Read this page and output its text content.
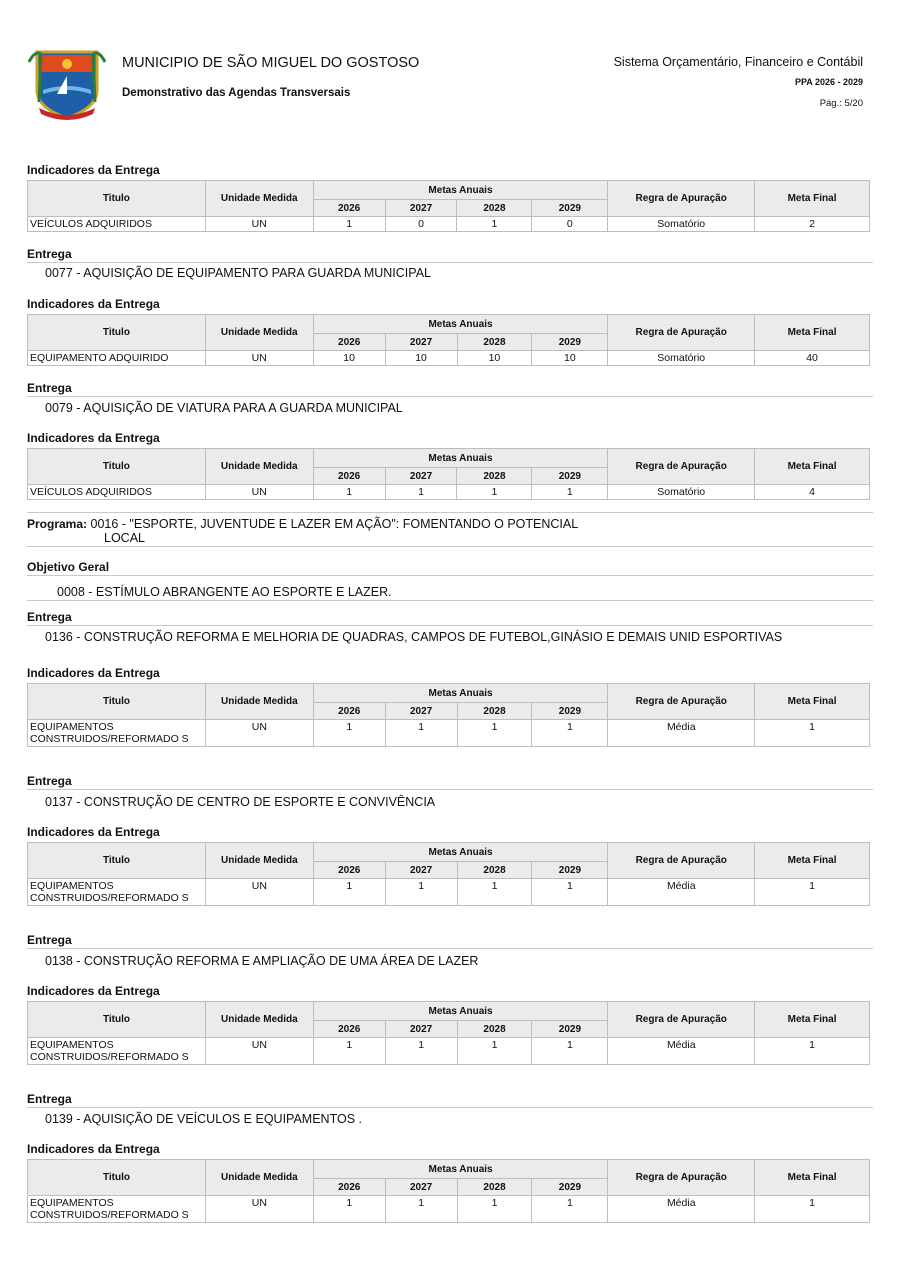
MUNICIPIO DE SÃO MIGUEL DO GOSTOSO
Demonstrativo das Agendas Transversais
Sistema Orçamentário, Financeiro e Contábil
PPA 2026 - 2029
Pág.: 5/20
Indicadores da Entrega
Titulo	Unidade Medida	Metas Anuais				Regra de Apuração	Meta Final
		2026	2027	2028	2029		
VEÍCULOS ADQUIRIDOS	UN	1	0	1	0	Somatório	2
Entrega
0077 - AQUISIÇÃO DE EQUIPAMENTO PARA GUARDA MUNICIPAL
Indicadores da Entrega
Titulo	Unidade Medida	Metas Anuais				Regra de Apuração	Meta Final
		2026	2027	2028	2029		
EQUIPAMENTO ADQUIRIDO	UN	10	10	10	10	Somatório	40
Entrega
0079 - AQUISIÇÃO DE VIATURA PARA A GUARDA MUNICIPAL
Indicadores da Entrega
Titulo	Unidade Medida	Metas Anuais				Regra de Apuração	Meta Final
		2026	2027	2028	2029		
VEÍCULOS ADQUIRIDOS	UN	1	1	1	1	Somatório	4
Programa: 0016 - "ESPORTE, JUVENTUDE E LAZER EM AÇÃO": FOMENTANDO O POTENCIAL
LOCAL
Objetivo Geral
0008 - ESTÍMULO ABRANGENTE AO ESPORTE E LAZER.
Entrega
0136 - CONSTRUÇÃO REFORMA E MELHORIA DE QUADRAS, CAMPOS DE FUTEBOL,GINÁSIO E DEMAIS UNID ESPORTIVAS
Indicadores da Entrega
Titulo	Unidade Medida	Metas Anuais				Regra de Apuração	Meta Final
		2026	2027	2028	2029		
EQUIPAMENTOS CONSTRUIDOS/REFORMADO S	UN	1	1	1	1	Média	1
Entrega
0137 - CONSTRUÇÃO DE CENTRO DE ESPORTE E CONVIVÊNCIA
Indicadores da Entrega
Titulo	Unidade Medida	Metas Anuais				Regra de Apuração	Meta Final
		2026	2027	2028	2029		
EQUIPAMENTOS CONSTRUIDOS/REFORMADO S	UN	1	1	1	1	Média	1
Entrega
0138 - CONSTRUÇÃO REFORMA E AMPLIAÇÃO DE UMA ÁREA DE LAZER
Indicadores da Entrega
Titulo	Unidade Medida	Metas Anuais				Regra de Apuração	Meta Final
		2026	2027	2028	2029		
EQUIPAMENTOS CONSTRUIDOS/REFORMADO S	UN	1	1	1	1	Média	1
Entrega
0139 - AQUISIÇÃO DE VEÍCULOS E EQUIPAMENTOS .
Indicadores da Entrega
Titulo	Unidade Medida	Metas Anuais				Regra de Apuração	Meta Final
		2026	2027	2028	2029		
EQUIPAMENTOS CONSTRUIDOS/REFORMADO S	UN	1	1	1	1	Média	1
